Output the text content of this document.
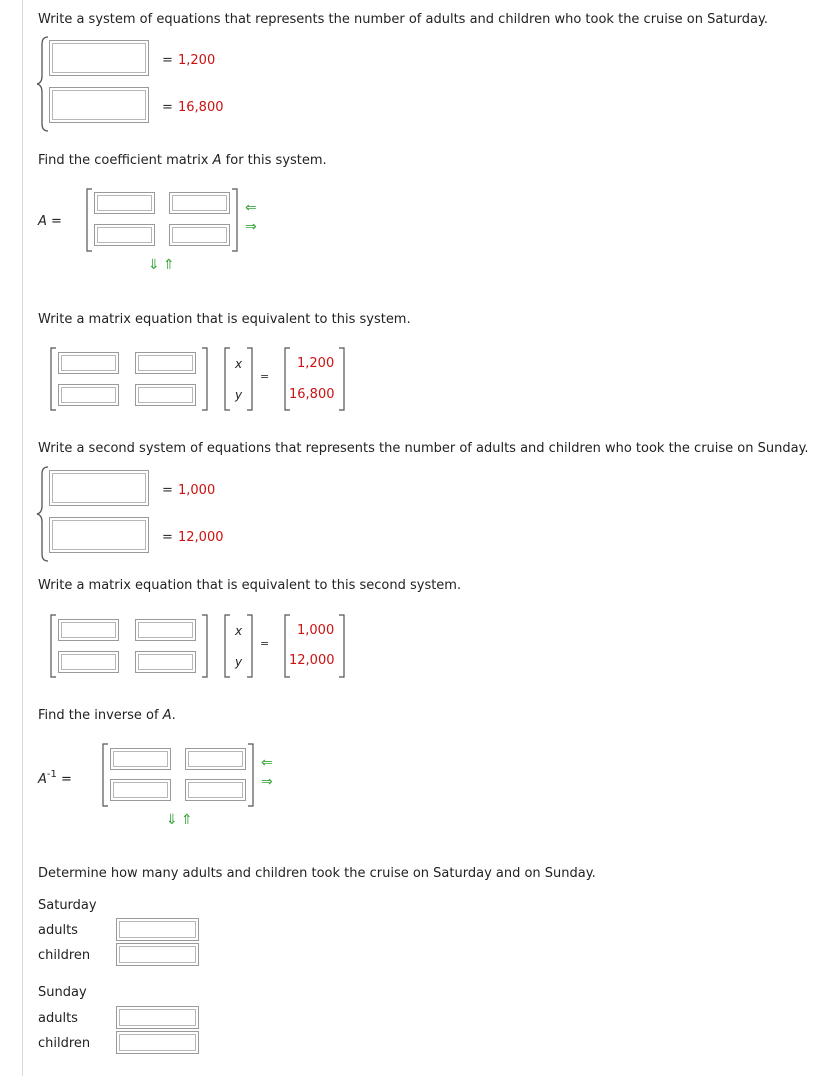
Write a system of equations that represents the number of adults and children who took the cruise on Saturday.
= 1,200
= 16,800
Find the coefficient matrix A for this system.
A =
⇐
⇒
⇓ ⇑
Write a matrix equation that is equivalent to this system.
x
y
=
1,200
16,800
Write a second system of equations that represents the number of adults and children who took the cruise on Sunday.
= 1,000
= 12,000
Write a matrix equation that is equivalent to this second system.
x
y
=
1,000
12,000
Find the inverse of A.
$A^{-1}$ =
⇐
⇒
⇓ ⇑
Determine how many adults and children took the cruise on Saturday and on Sunday.
Saturday
adults
children
Sunday
adults
children
